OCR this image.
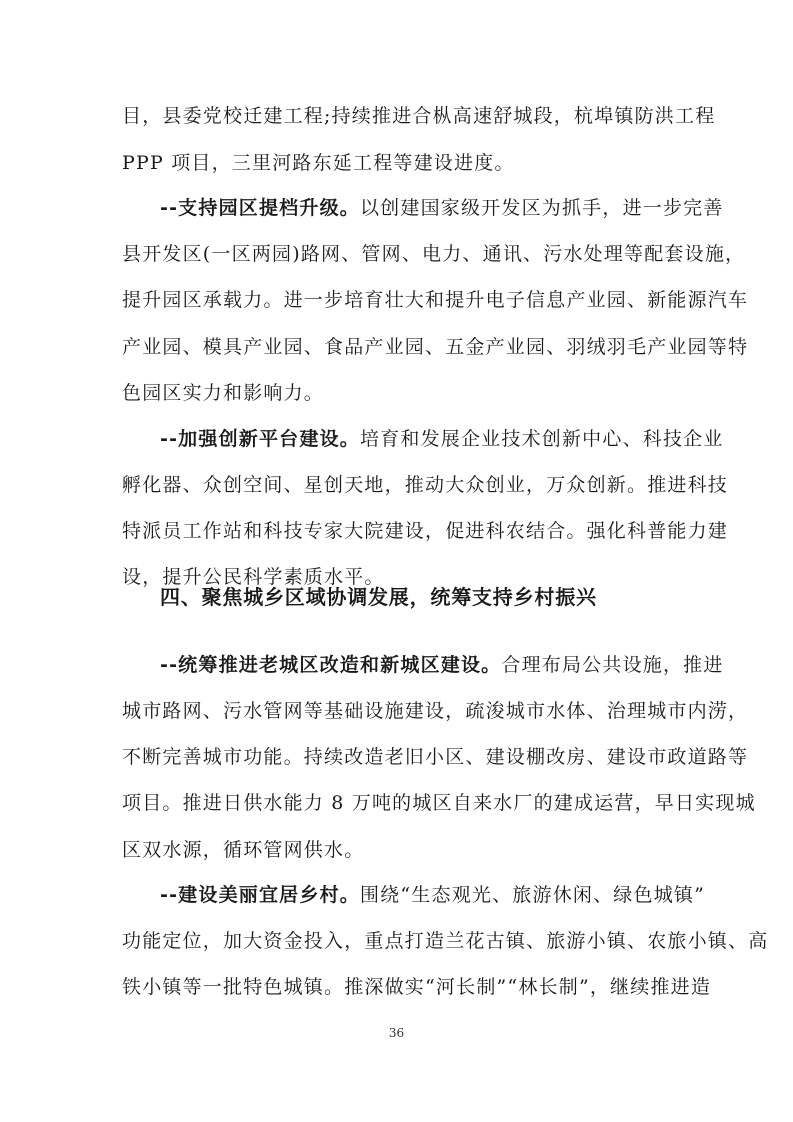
目，县委党校迁建工程;持续推进合枞高速舒城段，杭埠镇防洪工程
PPP 项目，三里河路东延工程等建设进度。
--支持园区提档升级。以创建国家级开发区为抓手，进一步完善
县开发区(一区两园)路网、管网、电力、通讯、污水处理等配套设施，
提升园区承载力。进一步培育壮大和提升电子信息产业园、新能源汽车
产业园、模具产业园、食品产业园、五金产业园、羽绒羽毛产业园等特
色园区实力和影响力。
--加强创新平台建设。培育和发展企业技术创新中心、科技企业
孵化器、众创空间、星创天地，推动大众创业，万众创新。推进科技
特派员工作站和科技专家大院建设，促进科农结合。强化科普能力建
设，提升公民科学素质水平。
四、聚焦城乡区域协调发展，统筹支持乡村振兴
--统筹推进老城区改造和新城区建设。合理布局公共设施，推进
城市路网、污水管网等基础设施建设，疏浚城市水体、治理城市内涝，
不断完善城市功能。持续改造老旧小区、建设棚改房、建设市政道路等
项目。推进日供水能力 8 万吨的城区自来水厂的建成运营，早日实现城
区双水源，循环管网供水。
--建设美丽宜居乡村。围绕“生态观光、旅游休闲、绿色城镇”
功能定位，加大资金投入，重点打造兰花古镇、旅游小镇、农旅小镇、高
铁小镇等一批特色城镇。推深做实“河长制”“林长制”，继续推进造
36
